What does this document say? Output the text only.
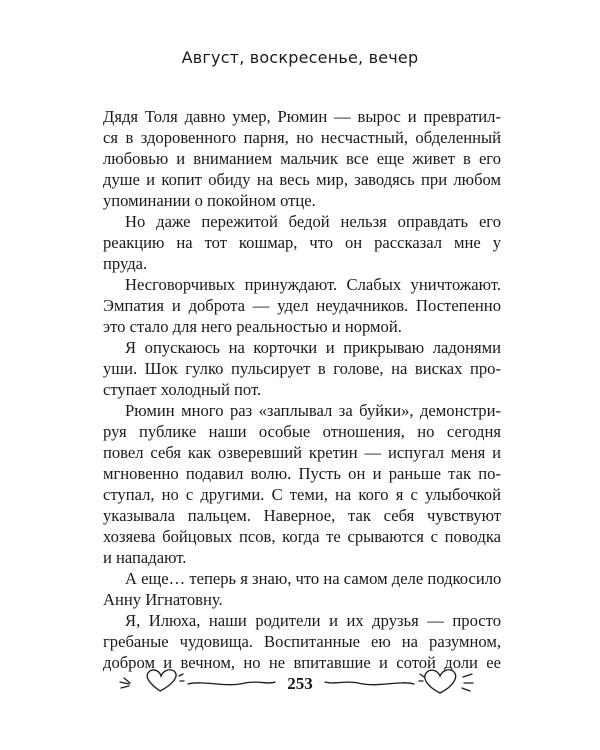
Август, воскресенье, вечер

Дядя Толя давно умер, Рюмин — вырос и превратил-
ся в здоровенного парня, но несчастный, обделенный
любовью и вниманием мальчик все еще живет в его
душе и копит обиду на весь мир, заводясь при любом
упоминании о покойном отце.

Но даже пережитой бедой нельзя оправдать его
реакцию на тот кошмар, что он рассказал мне у
пруда.

Несговорчивых принуждают. Слабых уничтожают.
Эмпатия и доброта — удел неудачников. Постепенно
это стало для него реальностью и нормой.

Я опускаюсь на корточки и прикрываю ладонями
уши. Шок гулко пульсирует в голове, на висках про-
ступает холодный пот.

Рюмин много раз «заплывал за буйки», демонстри-
руя публике наши особые отношения, но сегодня
повел себя как озверевший кретин — испугал меня и
мгновенно подавил волю. Пусть он и раньше так по-
ступал, но с другими. С теми, на кого я с улыбочкой
указывала пальцем. Наверное, так себя чувствуют
хозяева бойцовых псов, когда те срываются с поводка
и нападают.

А еще… теперь я знаю, что на самом деле подкосило
Анну Игнатовну.

Я, Илюха, наши родители и их друзья — просто
гребаные чудовища. Воспитанные ею на разумном,
добром и вечном, но не впитавшие и сотой доли ее

253
